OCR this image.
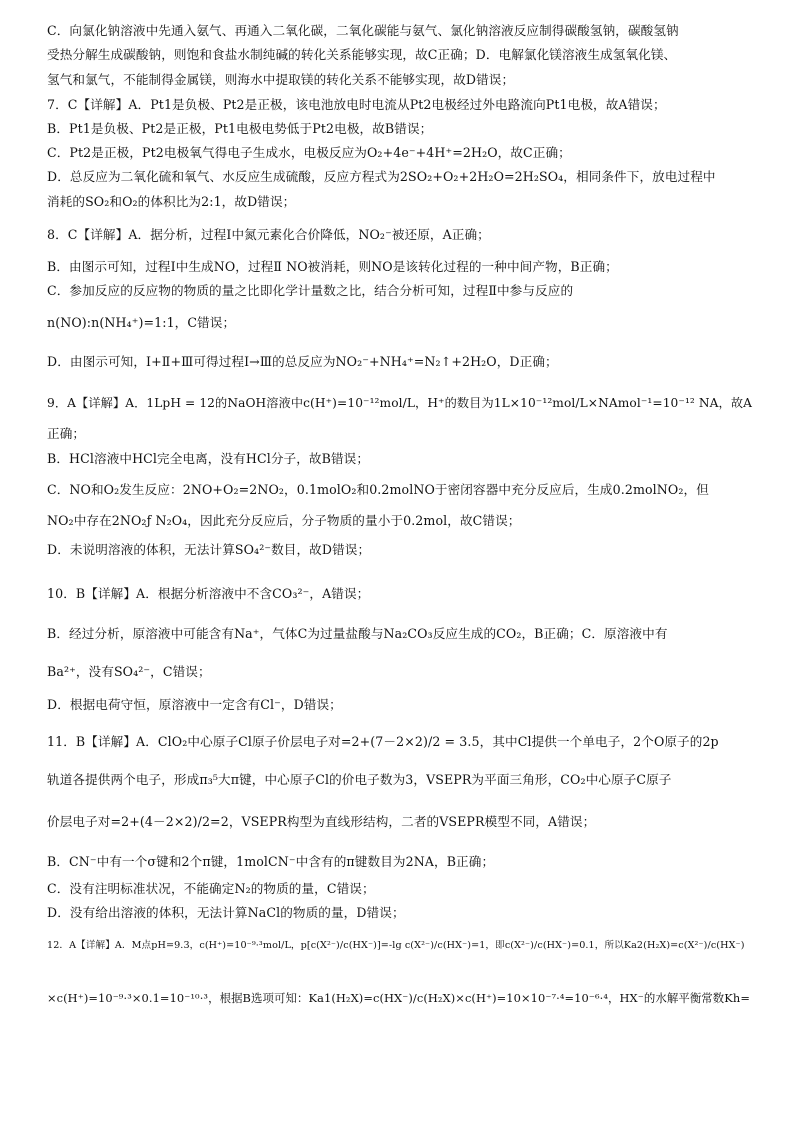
C．向氯化钠溶液中先通入氨气、再通入二氧化碳，二氧化碳能与氨气、氯化钠溶液反应制得碳酸氢钠，碳酸氢钠
受热分解生成碳酸钠，则饱和食盐水制纯碱的转化关系能够实现，故C正确；D．电解氯化镁溶液生成氢氧化镁、
氢气和氯气，不能制得金属镁，则海水中提取镁的转化关系不能够实现，故D错误；
7．C【详解】A．Pt1是负极、Pt2是正极，该电池放电时电流从Pt2电极经过外电路流向Pt1电极，故A错误；
B．Pt1是负极、Pt2是正极，Pt1电极电势低于Pt2电极，故B错误；
C．Pt2是正极，Pt2电极氧气得电子生成水，电极反应为O₂+4e⁻+4H⁺=2H₂O，故C正确；
D．总反应为二氧化硫和氧气、水反应生成硫酸，反应方程式为2SO₂+O₂+2H₂O=2H₂SO₄，相同条件下，放电过程中
消耗的SO₂和O₂的体积比为2:1，故D错误；
8．C【详解】A．据分析，过程Ⅰ中氮元素化合价降低，NO₂⁻被还原，A正确；
B．由图示可知，过程Ⅰ中生成NO，过程Ⅱ NO被消耗，则NO是该转化过程的一种中间产物，B正确；
C．参加反应的反应物的物质的量之比即化学计量数之比，结合分析可知，过程Ⅱ中参与反应的
n(NO):n(NH₄⁺)=1:1，C错误；
D．由图示可知，Ⅰ+Ⅱ+Ⅲ可得过程Ⅰ→Ⅲ的总反应为NO₂⁻+NH₄⁺=N₂↑+2H₂O，D正确；
9．A【详解】A．1LpH = 12的NaOH溶液中c(H⁺)=10⁻¹²mol/L，H⁺的数目为1L×10⁻¹²mol/L×NAmol⁻¹=10⁻¹² NA，故A
正确；
B．HCl溶液中HCl完全电离，没有HCl分子，故B错误；
C．NO和O₂发生反应：2NO+O₂=2NO₂，0.1molO₂和0.2molNO于密闭容器中充分反应后，生成0.2molNO₂，但
NO₂中存在2NO₂ƒ N₂O₄，因此充分反应后，分子物质的量小于0.2mol，故C错误；
D．未说明溶液的体积，无法计算SO₄²⁻数目，故D错误；
10．B【详解】A．根据分析溶液中不含CO₃²⁻，A错误；
B．经过分析，原溶液中可能含有Na⁺，气体C为过量盐酸与Na₂CO₃反应生成的CO₂，B正确；C．原溶液中有
Ba²⁺，没有SO₄²⁻，C错误；
D．根据电荷守恒，原溶液中一定含有Cl⁻，D错误；
11．B【详解】A．ClO₂中心原子Cl原子价层电子对=2+(7－2×2)/2 = 3.5，其中Cl提供一个单电子，2个O原子的2p
轨道各提供两个电子，形成π₃⁵大π键，中心原子Cl的价电子数为3，VSEPR为平面三角形，CO₂中心原子C原子
价层电子对=2+(4－2×2)/2=2，VSEPR构型为直线形结构，二者的VSEPR模型不同，A错误；
B．CN⁻中有一个σ键和2个π键，1molCN⁻中含有的π键数目为2NA，B正确；
C．没有注明标准状况，不能确定N₂的物质的量，C错误；
D．没有给出溶液的体积，无法计算NaCl的物质的量，D错误；
12．A【详解】A．M点pH=9.3，c(H⁺)=10⁻⁹·³mol/L，p[c(X²⁻)/c(HX⁻)]=-lg c(X²⁻)/c(HX⁻)=1，即c(X²⁻)/c(HX⁻)=0.1，所以Ka2(H₂X)=c(X²⁻)/c(HX⁻)
×c(H⁺)=10⁻⁹·³×0.1=10⁻¹⁰·³，根据B选项可知：Ka1(H₂X)=c(HX⁻)/c(H₂X)×c(H⁺)=10×10⁻⁷·⁴=10⁻⁶·⁴，HX⁻的水解平衡常数Kh=
